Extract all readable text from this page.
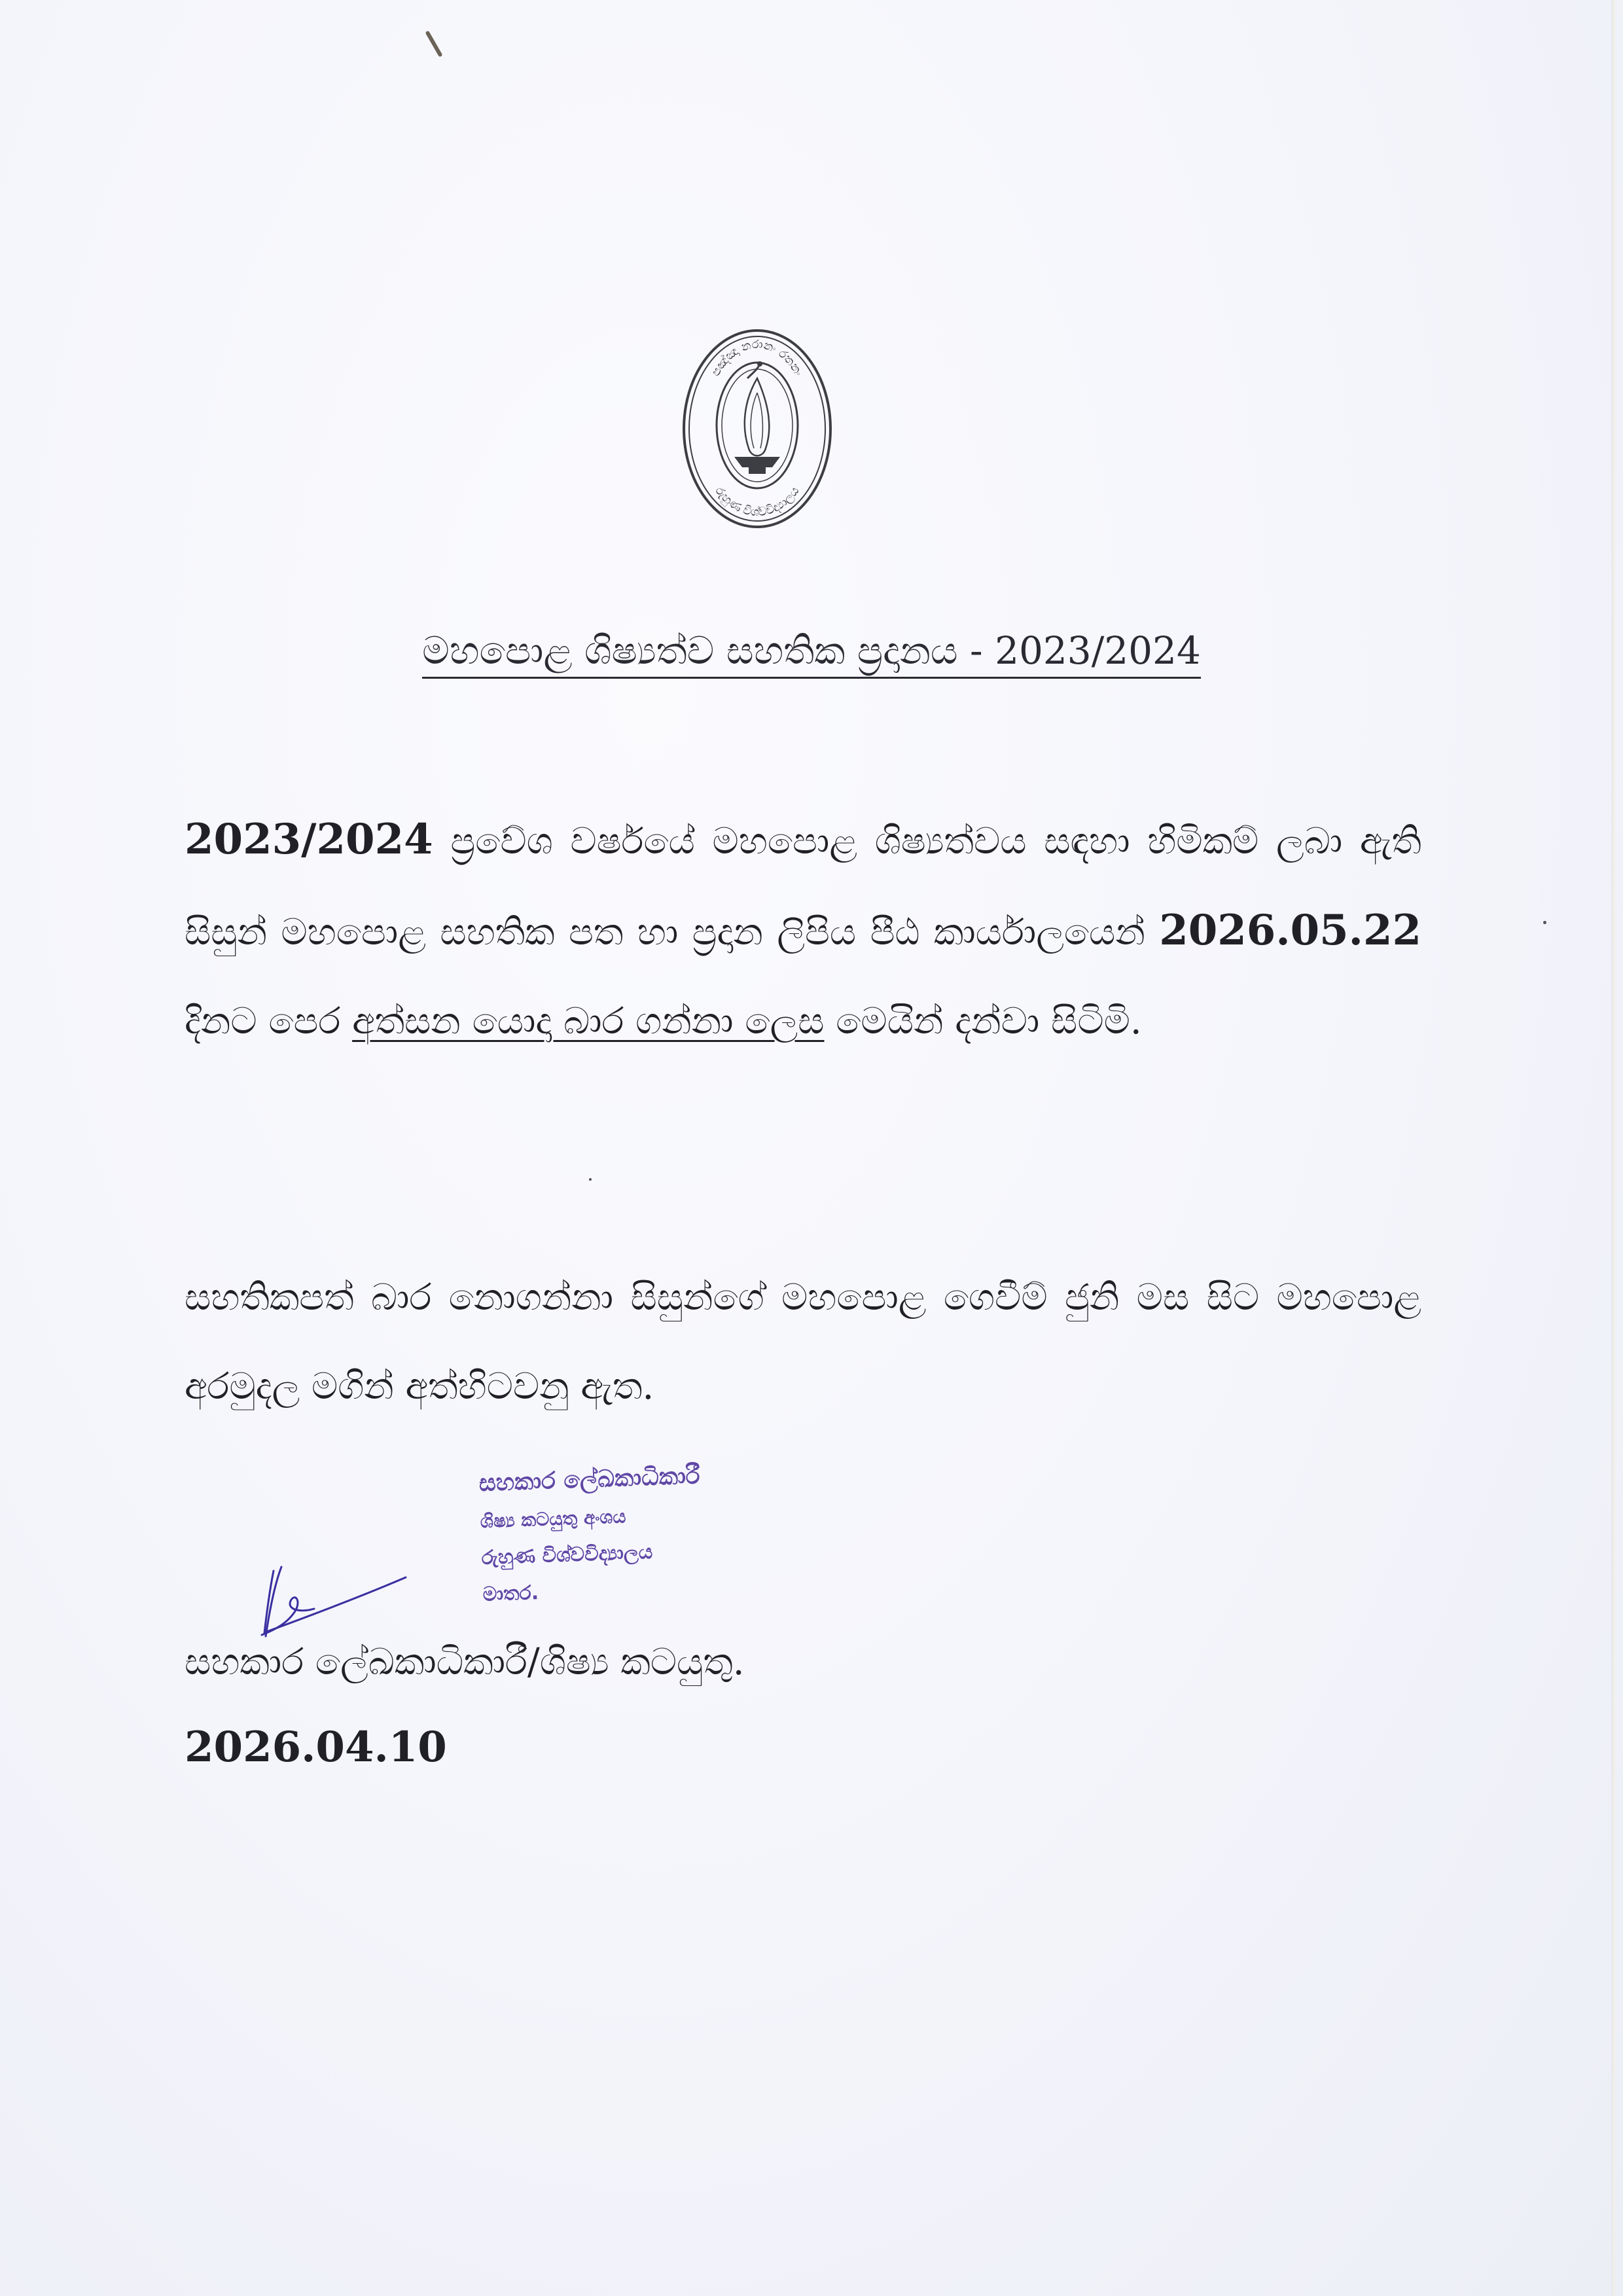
පඤ්ඤා නරානං රතනං
රුහුණ විශ්වවිද්‍යාලය
මහපොළ ශිෂ්‍යත්ව සහතික ප්‍රදානය - 2023/2024
2023/2024 ප්‍රවේශ වර්ෂයේ මහපොළ ශිෂ්‍යත්වය සඳහා හිමිකම් ලබා ඇති සිසුන් මහපොළ සහතික පත හා ප්‍රදාන ලිපිය පීඨ කාර්යාලයෙන් 2026.05.22 දිනට පෙර අත්සන යොදා බාර ගන්නා ලෙස මෙයින් දන්වා සිටිමි.
සහතිකපත් බාර නොගන්නා සිසුන්ගේ මහපොළ ගෙවීම් ජුනි මස සිට මහපොළ අරමුදල මගින් අත්හිටවනු ඇත.
සහකාර ලේඛකාධිකාරී
ශිෂ්‍ය කටයුතු අංශය
රුහුණ විශ්වවිද්‍යාලය
මාතර.
සහකාර ලේඛකාධිකාරී/ශිෂ්‍ය කටයුතු.
2026.04.10
